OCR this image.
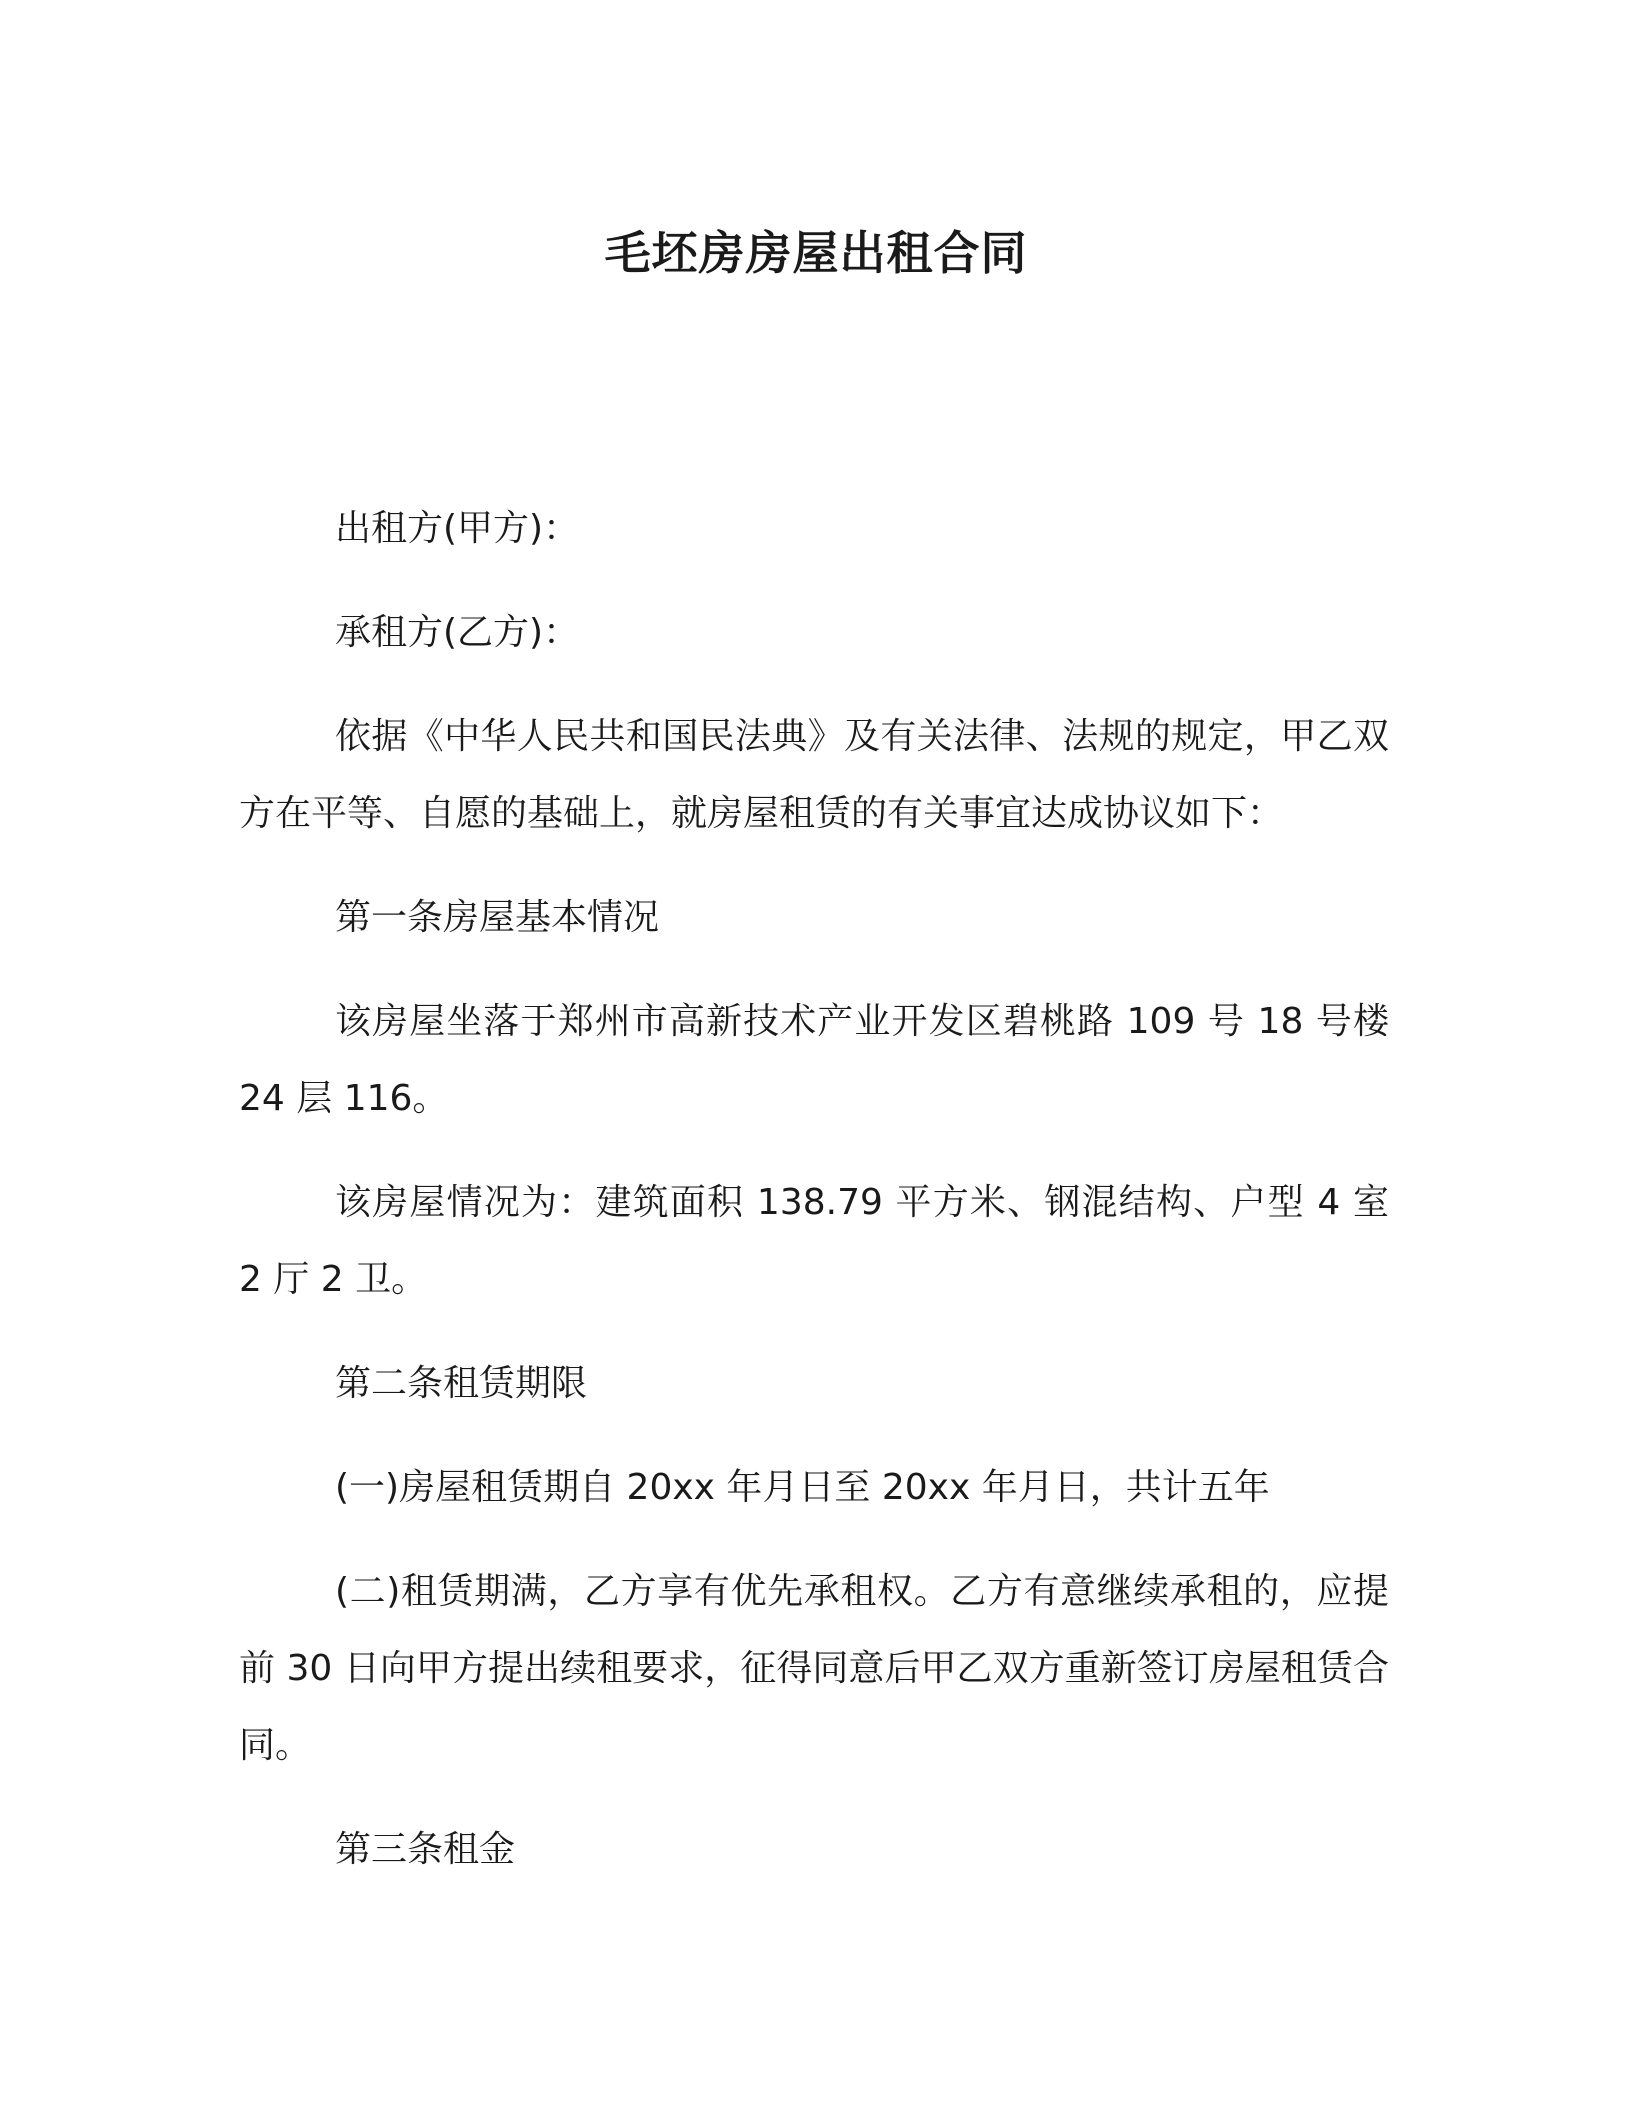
毛坯房房屋出租合同

出租方(甲方)：

承租方(乙方)：

依据《中华人民共和国民法典》及有关法律、法规的规定，甲乙双方在平等、自愿的基础上，就房屋租赁的有关事宜达成协议如下：

第一条房屋基本情况

该房屋坐落于郑州市高新技术产业开发区碧桃路 109 号 18 号楼 24 层 116。

该房屋情况为：建筑面积 138.79 平方米、钢混结构、户型 4 室 2 厅 2 卫。

第二条租赁期限

(一)房屋租赁期自 20xx 年月日至 20xx 年月日，共计五年

(二)租赁期满，乙方享有优先承租权。乙方有意继续承租的，应提前 30 日向甲方提出续租要求，征得同意后甲乙双方重新签订房屋租赁合同。

第三条租金
